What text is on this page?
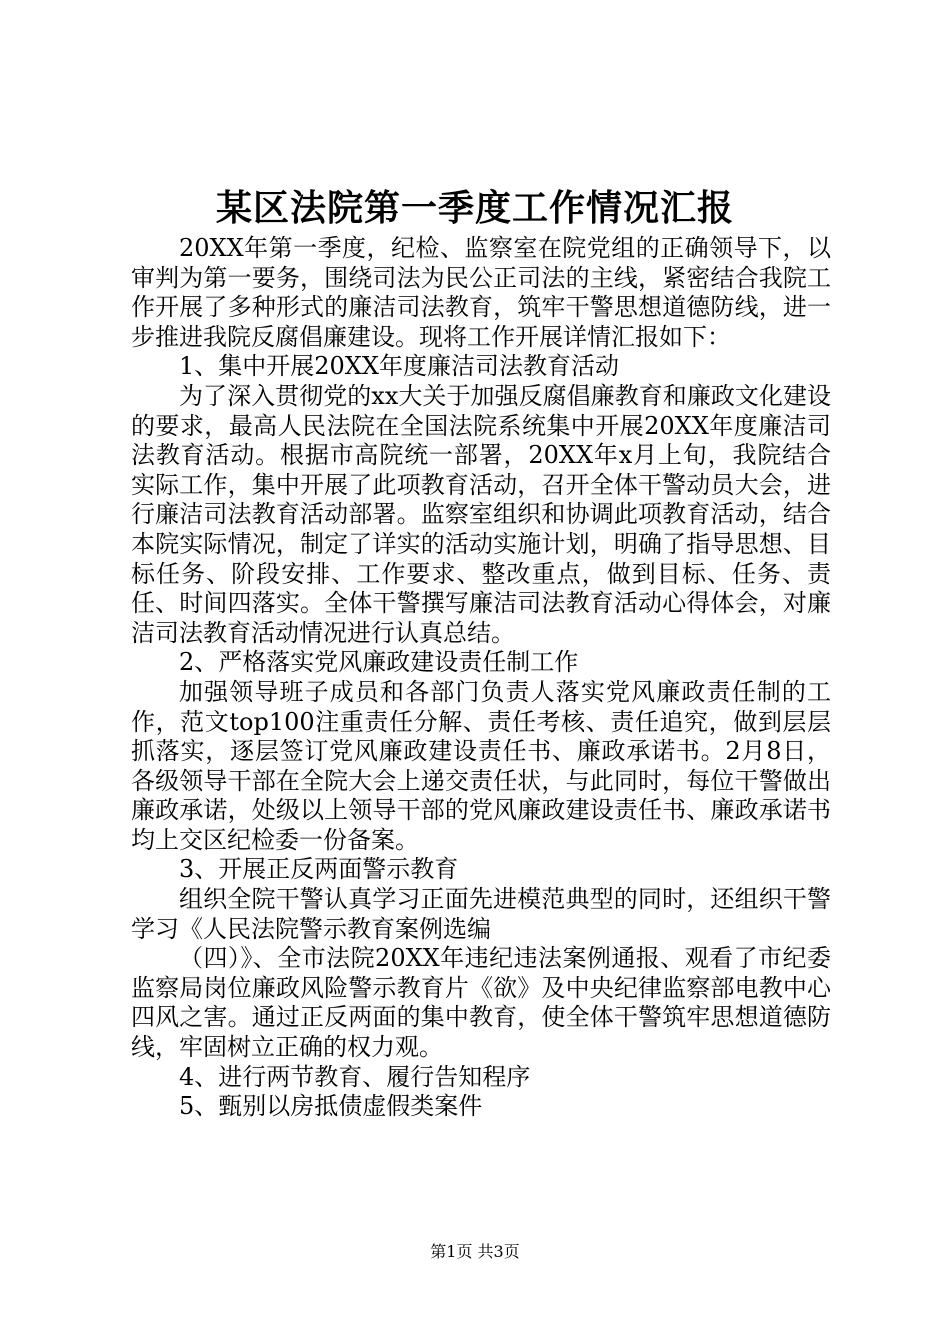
某区法院第一季度工作情况汇报

20XX年第一季度，纪检、监察室在院党组的正确领导下，以审判为第一要务，围绕司法为民公正司法的主线，紧密结合我院工作开展了多种形式的廉洁司法教育，筑牢干警思想道德防线，进一步推进我院反腐倡廉建设。现将工作开展详情汇报如下：

1、集中开展20XX年度廉洁司法教育活动

为了深入贯彻党的xx大关于加强反腐倡廉教育和廉政文化建设的要求，最高人民法院在全国法院系统集中开展20XX年度廉洁司法教育活动。根据市高院统一部署，20XX年x月上旬，我院结合实际工作，集中开展了此项教育活动，召开全体干警动员大会，进行廉洁司法教育活动部署。监察室组织和协调此项教育活动，结合本院实际情况，制定了详实的活动实施计划，明确了指导思想、目标任务、阶段安排、工作要求、整改重点，做到目标、任务、责任、时间四落实。全体干警撰写廉洁司法教育活动心得体会，对廉洁司法教育活动情况进行认真总结。

2、严格落实党风廉政建设责任制工作

加强领导班子成员和各部门负责人落实党风廉政责任制的工作，范文top100注重责任分解、责任考核、责任追究，做到层层抓落实，逐层签订党风廉政建设责任书、廉政承诺书。2月8日，各级领导干部在全院大会上递交责任状，与此同时，每位干警做出廉政承诺，处级以上领导干部的党风廉政建设责任书、廉政承诺书均上交区纪检委一份备案。

3、开展正反两面警示教育

组织全院干警认真学习正面先进模范典型的同时，还组织干警学习《人民法院警示教育案例选编

（四）》、全市法院20XX年违纪违法案例通报、观看了市纪委监察局岗位廉政风险警示教育片《欲》及中央纪律监察部电教中心四风之害。通过正反两面的集中教育，使全体干警筑牢思想道德防线，牢固树立正确的权力观。

4、进行两节教育、履行告知程序

5、甄别以房抵债虚假类案件

第1页 共3页
